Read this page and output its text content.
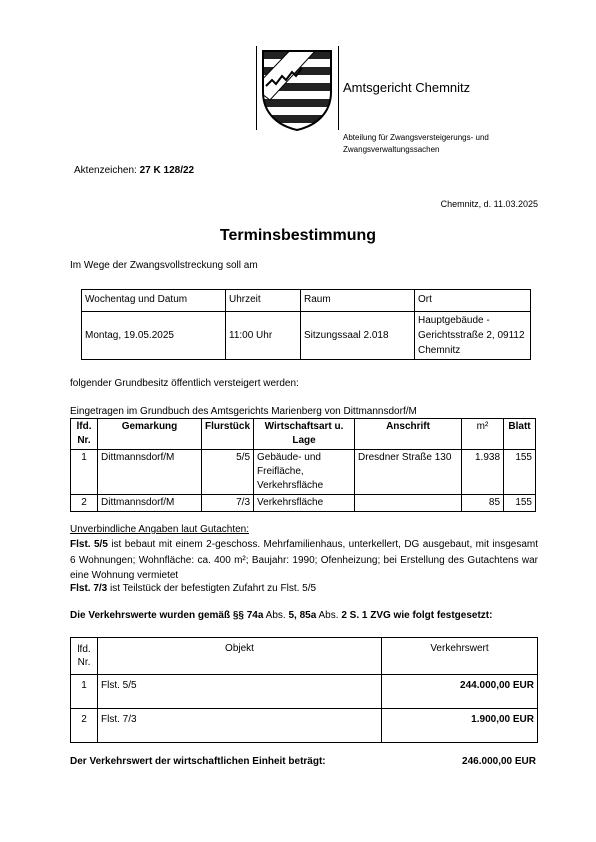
Amtsgericht Chemnitz
Abteilung für Zwangsversteigerungs- und Zwangsverwaltungssachen
Aktenzeichen: 27 K 128/22
Chemnitz, d. 11.03.2025
Terminsbestimmung
Im Wege der Zwangsvollstreckung soll am
Wochentag und Datum	Uhrzeit	Raum	Ort
Montag, 19.05.2025	11:00 Uhr	Sitzungssaal 2.018	Hauptgebäude - Gerichtsstraße 2, 09112 Chemnitz
folgender Grundbesitz öffentlich versteigert werden:
Eingetragen im Grundbuch des Amtsgerichts Marienberg von Dittmannsdorf/M
lfd. Nr.	Gemarkung	Flurstück	Wirtschaftsart u. Lage	Anschrift	m²	Blatt
1	Dittmannsdorf/M	5/5	Gebäude- und Freifläche, Verkehrsfläche	Dresdner Straße 130	1.938	155
2	Dittmannsdorf/M	7/3	Verkehrsfläche		85	155
Unverbindliche Angaben laut Gutachten:
Flst. 5/5 ist bebaut mit einem 2-geschoss. Mehrfamilienhaus, unterkellert, DG ausgebaut, mit insgesamt 6 Wohnungen; Wohnfläche: ca. 400 m²; Baujahr: 1990; Ofenheizung; bei Erstellung des Gutachtens war eine Wohnung vermietet
Flst. 7/3 ist Teilstück der befestigten Zufahrt zu Flst. 5/5
Die Verkehrswerte wurden gemäß §§ 74a Abs. 5, 85a Abs. 2 S. 1 ZVG wie folgt festgesetzt:
lfd. Nr.	Objekt	Verkehrswert
1	Flst. 5/5	244.000,00 EUR
2	Flst. 7/3	1.900,00 EUR
Der Verkehrswert der wirtschaftlichen Einheit beträgt:	246.000,00 EUR
